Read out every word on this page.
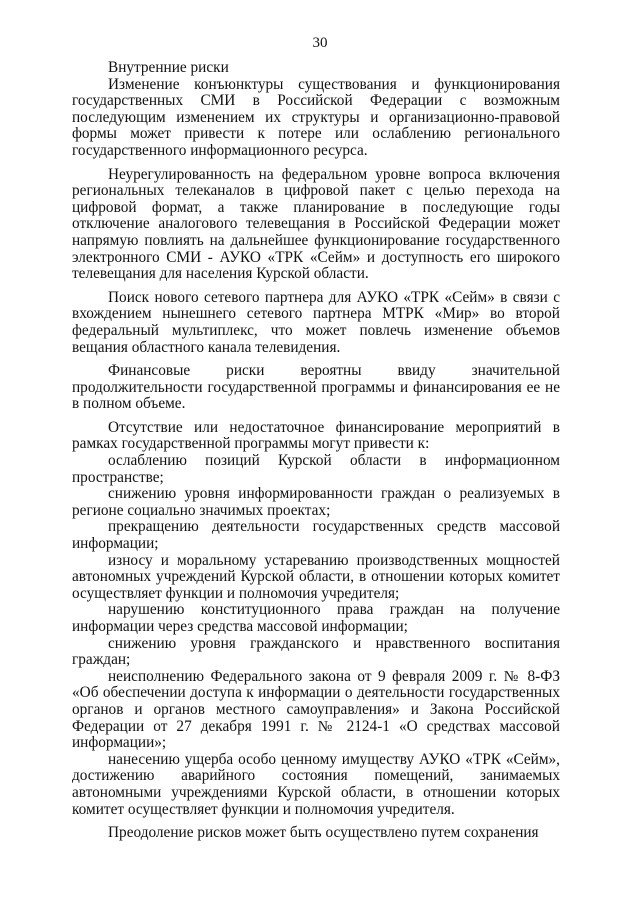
30

Внутренние риски

Изменение конъюнктуры существования и функционирования государственных СМИ в Российской Федерации с возможным последующим изменением их структуры и организационно-правовой формы может привести к потере или ослаблению регионального государственного информационного ресурса.

Неурегулированность на федеральном уровне вопроса включения региональных телеканалов в цифровой пакет с целью перехода на цифровой формат, а также планирование в последующие годы отключение аналогового телевещания в Российской Федерации может напрямую повлиять на дальнейшее функционирование государственного электронного СМИ - АУКО «ТРК «Сейм» и доступность его широкого телевещания для населения Курской области.

Поиск нового сетевого партнера для АУКО «ТРК «Сейм» в связи с вхождением нынешнего сетевого партнера МТРК «Мир» во второй федеральный мультиплекс, что может повлечь изменение объемов вещания областного канала телевидения.

Финансовые риски вероятны ввиду значительной продолжительности государственной программы и финансирования ее не в полном объеме.

Отсутствие или недостаточное финансирование мероприятий в рамках государственной программы могут привести к:

ослаблению позиций Курской области в информационном пространстве;

снижению уровня информированности граждан о реализуемых в регионе социально значимых проектах;

прекращению деятельности государственных средств массовой информации;

износу и моральному устареванию производственных мощностей автономных учреждений Курской области, в отношении которых комитет осуществляет функции и полномочия учредителя;

нарушению конституционного права граждан на получение информации через средства массовой информации;

снижению уровня гражданского и нравственного воспитания граждан;

неисполнению Федерального закона от 9 февраля 2009 г. № 8-ФЗ «Об обеспечении доступа к информации о деятельности государственных органов и органов местного самоуправления» и Закона Российской Федерации от 27 декабря 1991 г. № 2124-1 «О средствах массовой информации»;

нанесению ущерба особо ценному имуществу АУКО «ТРК «Сейм», достижению аварийного состояния помещений, занимаемых автономными учреждениями Курской области, в отношении которых комитет осуществляет функции и полномочия учредителя.

Преодоление рисков может быть осуществлено путем сохранения
